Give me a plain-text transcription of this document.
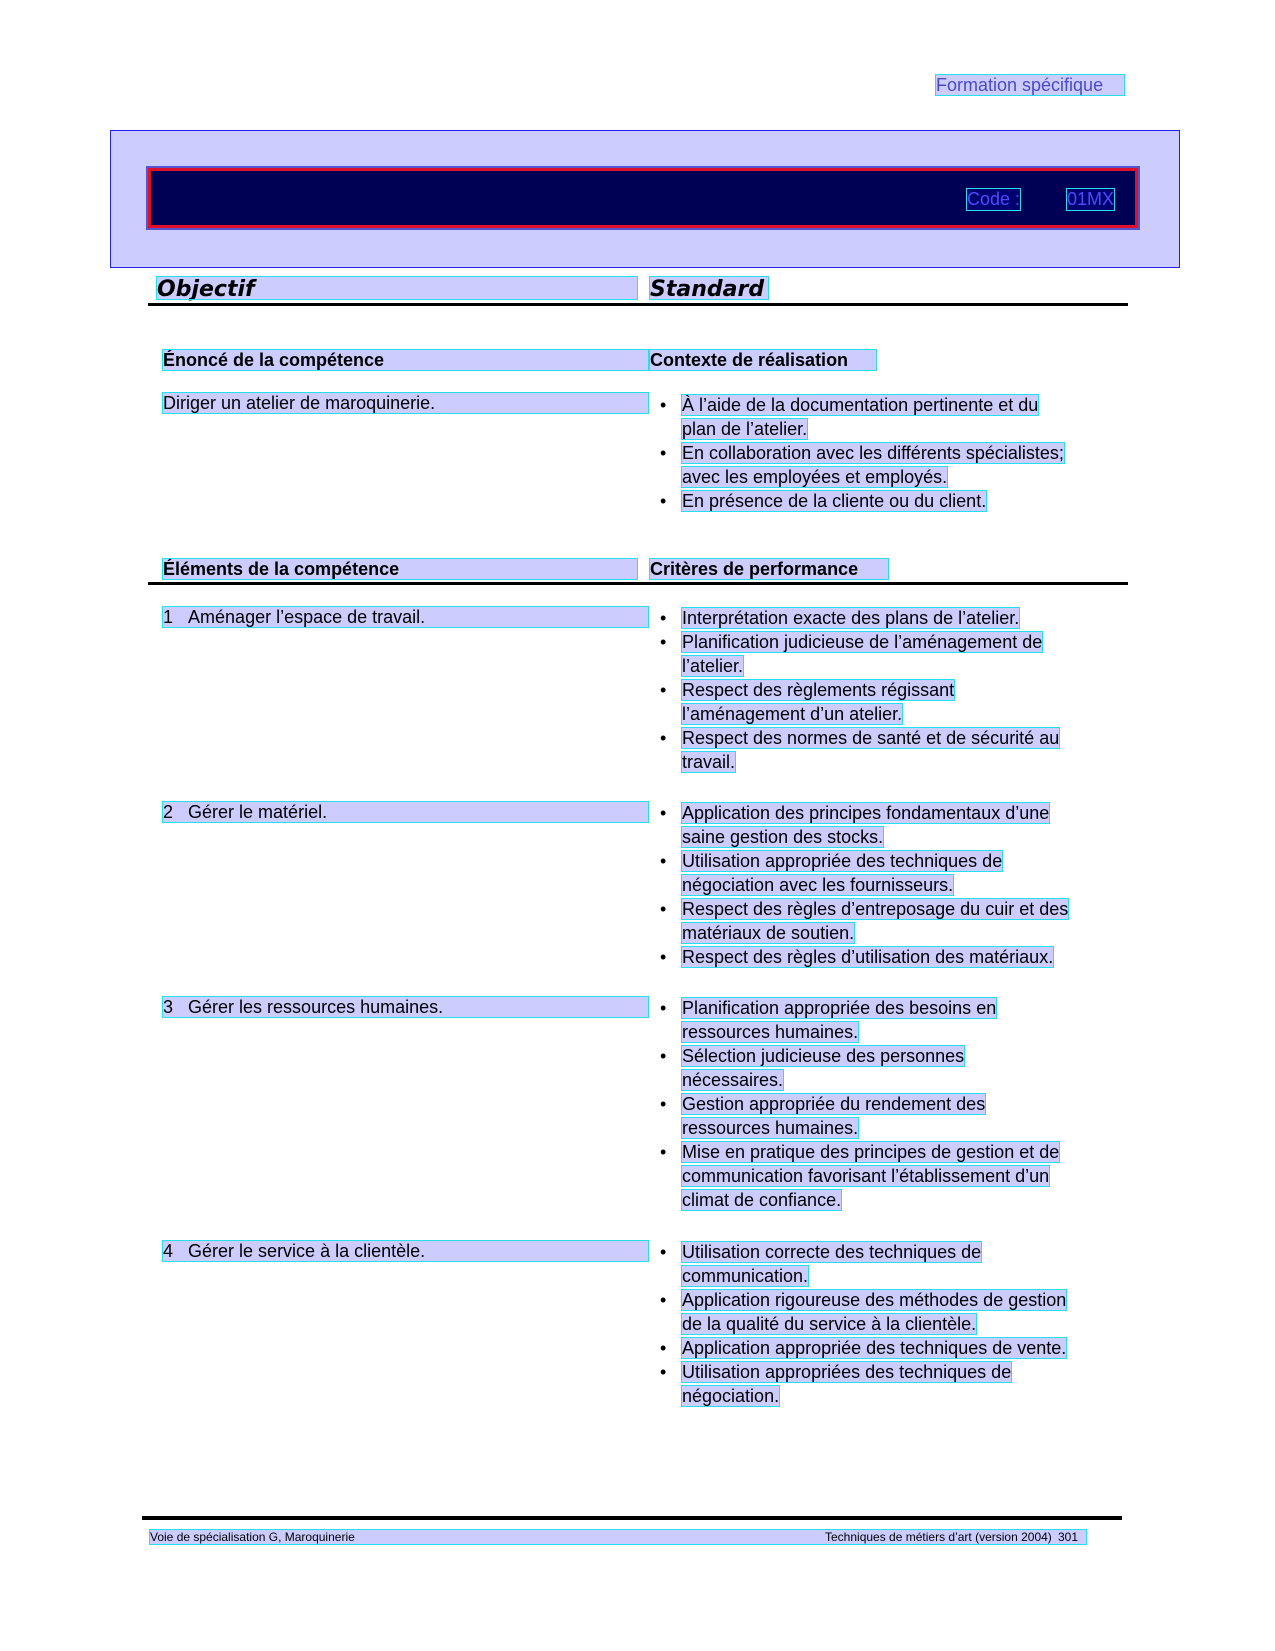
Formation spécifique
Code :	01MX
Objectif	Standard
Énoncé de la compétence	Contexte de réalisation
Diriger un atelier de maroquinerie.	• À l’aide de la documentation pertinente et du
plan de l’atelier.
• En collaboration avec les différents spécialistes;
avec les employées et employés.
• En présence de la cliente ou du client.
Éléments de la compétence	Critères de performance
1 Aménager l’espace de travail.	• Interprétation exacte des plans de l’atelier.
• Planification judicieuse de l’aménagement de
l’atelier.
• Respect des règlements régissant
l’aménagement d’un atelier.
• Respect des normes de santé et de sécurité au
travail.
2 Gérer le matériel.	• Application des principes fondamentaux d’une
saine gestion des stocks.
• Utilisation appropriée des techniques de
négociation avec les fournisseurs.
• Respect des règles d’entreposage du cuir et des
matériaux de soutien.
• Respect des règles d’utilisation des matériaux.
3 Gérer les ressources humaines.	• Planification appropriée des besoins en
ressources humaines.
• Sélection judicieuse des personnes
nécessaires.
• Gestion appropriée du rendement des
ressources humaines.
• Mise en pratique des principes de gestion et de
communication favorisant l’établissement d’un
climat de confiance.
4 Gérer le service à la clientèle.	• Utilisation correcte des techniques de
communication.
• Application rigoureuse des méthodes de gestion
de la qualité du service à la clientèle.
• Application appropriée des techniques de vente.
• Utilisation appropriées des techniques de
négociation.
Voie de spécialisation G, Maroquinerie	Techniques de métiers d’art (version 2004) 301
